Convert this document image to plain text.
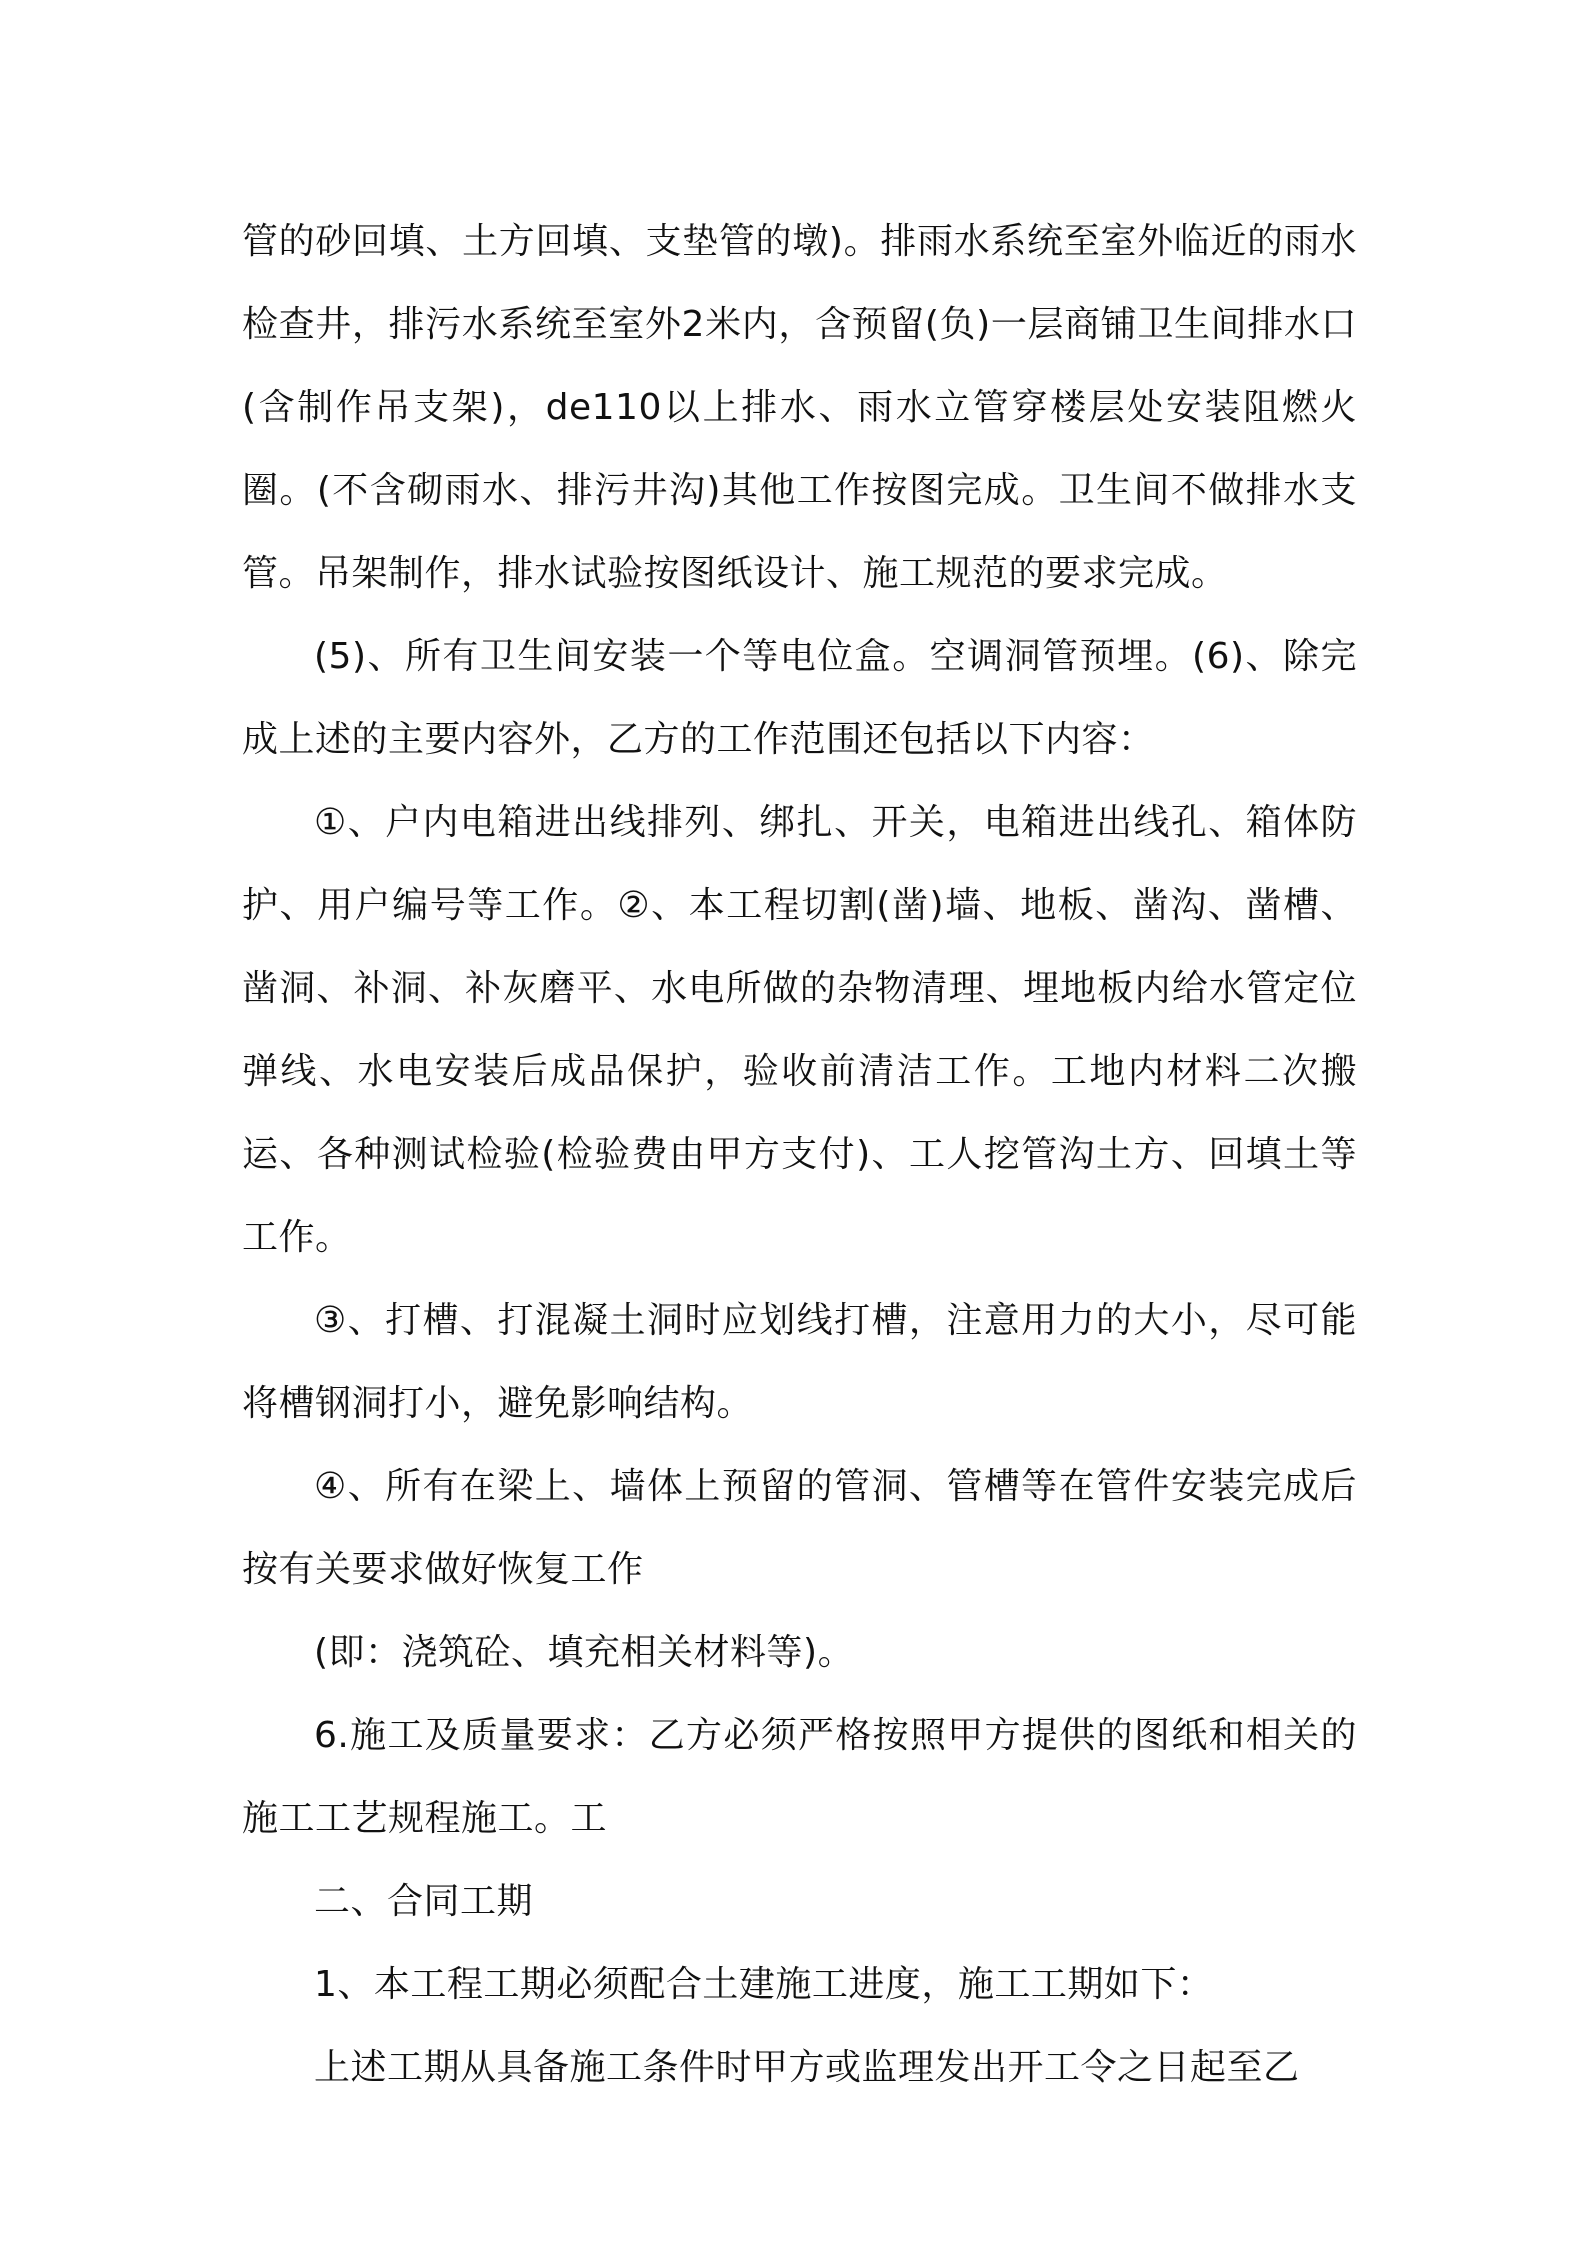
管的砂回填、土方回填、支垫管的墩)。排雨水系统至室外临近的雨水检查井，排污水系统至室外2米内，含预留(负)一层商铺卫生间排水口(含制作吊支架)，de110以上排水、雨水立管穿楼层处安装阻燃火圈。(不含砌雨水、排污井沟)其他工作按图完成。卫生间不做排水支管。吊架制作，排水试验按图纸设计、施工规范的要求完成。

(5)、所有卫生间安装一个等电位盒。空调洞管预埋。(6)、除完成上述的主要内容外，乙方的工作范围还包括以下内容：

①、户内电箱进出线排列、绑扎、开关，电箱进出线孔、箱体防护、用户编号等工作。②、本工程切割(凿)墙、地板、凿沟、凿槽、凿洞、补洞、补灰磨平、水电所做的杂物清理、埋地板内给水管定位弹线、水电安装后成品保护，验收前清洁工作。工地内材料二次搬运、各种测试检验(检验费由甲方支付)、工人挖管沟土方、回填土等工作。

③、打槽、打混凝土洞时应划线打槽，注意用力的大小，尽可能将槽钢洞打小，避免影响结构。

④、所有在梁上、墙体上预留的管洞、管槽等在管件安装完成后按有关要求做好恢复工作

(即：浇筑砼、填充相关材料等)。

6.施工及质量要求：乙方必须严格按照甲方提供的图纸和相关的施工工艺规程施工。工

二、合同工期

1、本工程工期必须配合土建施工进度，施工工期如下：

上述工期从具备施工条件时甲方或监理发出开工令之日起至乙
